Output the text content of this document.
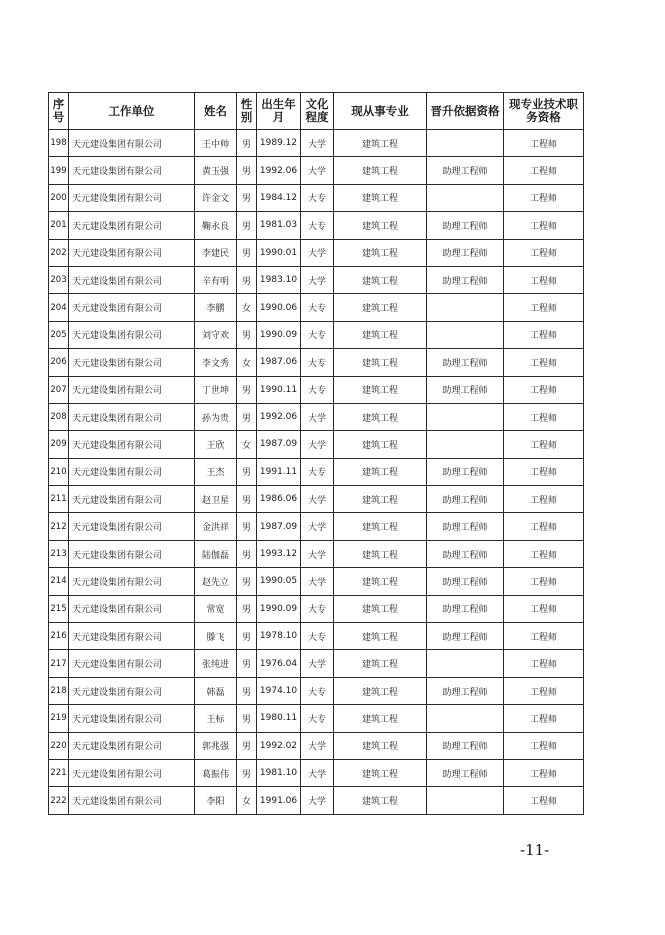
序号	工作单位	姓名	性别	出生年月	文化程度	现从事专业	晋升依据资格	现专业技术职务资格
198	天元建设集团有限公司	王中帅	男	1989.12	大学	建筑工程		工程师
199	天元建设集团有限公司	黄玉强	男	1992.06	大学	建筑工程	助理工程师	工程师
200	天元建设集团有限公司	许金文	男	1984.12	大专	建筑工程		工程师
201	天元建设集团有限公司	鞠永良	男	1981.03	大专	建筑工程	助理工程师	工程师
202	天元建设集团有限公司	李建民	男	1990.01	大学	建筑工程	助理工程师	工程师
203	天元建设集团有限公司	辛有明	男	1983.10	大学	建筑工程	助理工程师	工程师
204	天元建设集团有限公司	李鹏	女	1990.06	大专	建筑工程		工程师
205	天元建设集团有限公司	刘守欢	男	1990.09	大专	建筑工程		工程师
206	天元建设集团有限公司	李文秀	女	1987.06	大专	建筑工程	助理工程师	工程师
207	天元建设集团有限公司	丁世坤	男	1990.11	大专	建筑工程	助理工程师	工程师
208	天元建设集团有限公司	孙为贵	男	1992.06	大学	建筑工程		工程师
209	天元建设集团有限公司	王欣	女	1987.09	大学	建筑工程		工程师
210	天元建设集团有限公司	王杰	男	1991.11	大专	建筑工程	助理工程师	工程师
211	天元建设集团有限公司	赵卫星	男	1986.06	大学	建筑工程	助理工程师	工程师
212	天元建设集团有限公司	金洪祥	男	1987.09	大学	建筑工程	助理工程师	工程师
213	天元建设集团有限公司	陆伽磊	男	1993.12	大学	建筑工程	助理工程师	工程师
214	天元建设集团有限公司	赵先立	男	1990.05	大学	建筑工程	助理工程师	工程师
215	天元建设集团有限公司	常宽	男	1990.09	大专	建筑工程	助理工程师	工程师
216	天元建设集团有限公司	滕飞	男	1978.10	大专	建筑工程	助理工程师	工程师
217	天元建设集团有限公司	张纯进	男	1976.04	大学	建筑工程		工程师
218	天元建设集团有限公司	韩磊	男	1974.10	大专	建筑工程	助理工程师	工程师
219	天元建设集团有限公司	王标	男	1980.11	大专	建筑工程		工程师
220	天元建设集团有限公司	郭兆强	男	1992.02	大学	建筑工程	助理工程师	工程师
221	天元建设集团有限公司	葛振伟	男	1981.10	大学	建筑工程	助理工程师	工程师
222	天元建设集团有限公司	李阳	女	1991.06	大学	建筑工程		工程师
-11-
